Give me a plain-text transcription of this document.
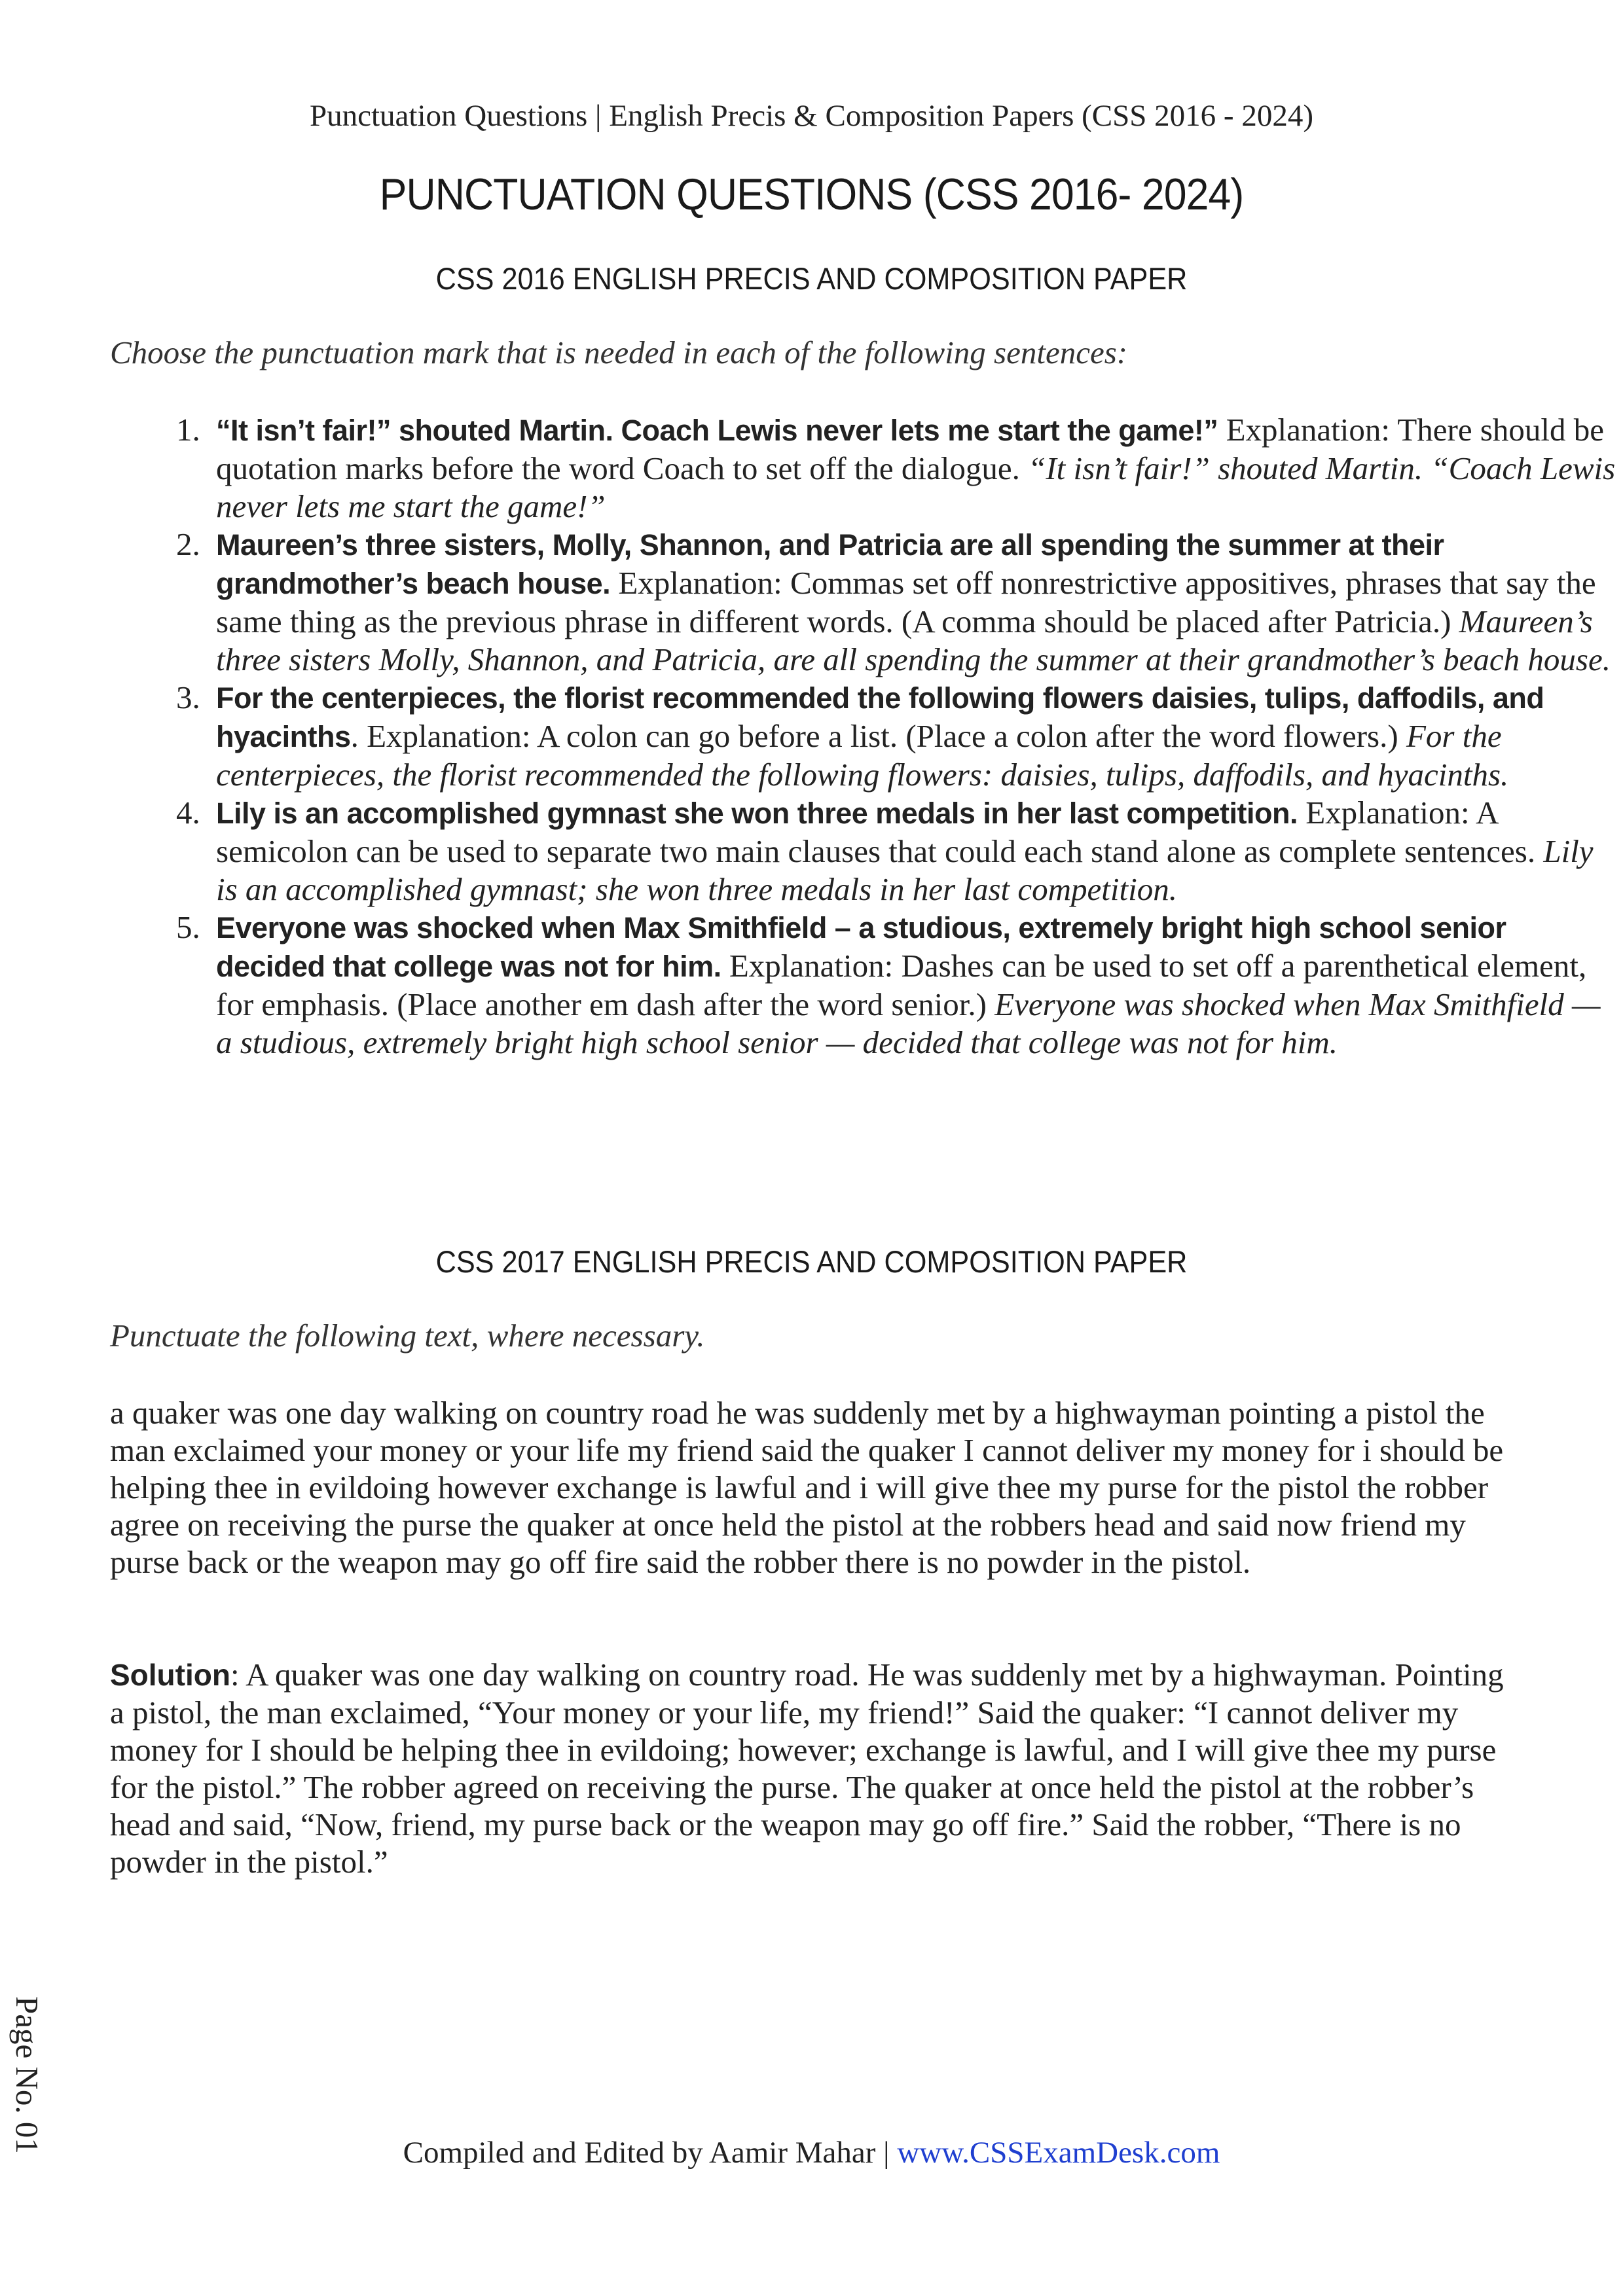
Punctuation Questions | English Precis & Composition Papers (CSS 2016 - 2024)
PUNCTUATION QUESTIONS (CSS 2016- 2024)
CSS 2016 ENGLISH PRECIS AND COMPOSITION PAPER
Choose the punctuation mark that is needed in each of the following sentences:
1. “It isn’t fair!” shouted Martin. Coach Lewis never lets me start the game!” Explanation: There should be quotation marks before the word Coach to set off the dialogue. “It isn’t fair!” shouted Martin. “Coach Lewis never lets me start the game!”
2. Maureen’s three sisters, Molly, Shannon, and Patricia are all spending the summer at their grandmother’s beach house. Explanation: Commas set off nonrestrictive appositives, phrases that say the same thing as the previous phrase in different words. (A comma should be placed after Patricia.) Maureen’s three sisters Molly, Shannon, and Patricia, are all spending the summer at their grandmother’s beach house.
3. For the centerpieces, the florist recommended the following flowers daisies, tulips, daffodils, and hyacinths. Explanation: A colon can go before a list. (Place a colon after the word flowers.) For the centerpieces, the florist recommended the following flowers: daisies, tulips, daffodils, and hyacinths.
4. Lily is an accomplished gymnast she won three medals in her last competition. Explanation: A semicolon can be used to separate two main clauses that could each stand alone as complete sentences. Lily is an accomplished gymnast; she won three medals in her last competition.
5. Everyone was shocked when Max Smithfield – a studious, extremely bright high school senior decided that college was not for him. Explanation: Dashes can be used to set off a parenthetical element, for emphasis. (Place another em dash after the word senior.) Everyone was shocked when Max Smithfield — a studious, extremely bright high school senior — decided that college was not for him.
CSS 2017 ENGLISH PRECIS AND COMPOSITION PAPER
Punctuate the following text, where necessary.

a quaker was one day walking on country road he was suddenly met by a highwayman pointing a pistol the man exclaimed your money or your life my friend said the quaker I cannot deliver my money for i should be helping thee in evildoing however exchange is lawful and i will give thee my purse for the pistol the robber agree on receiving the purse the quaker at once held the pistol at the robbers head and said now friend my purse back or the weapon may go off fire said the robber there is no powder in the pistol.

Solution: A quaker was one day walking on country road. He was suddenly met by a highwayman. Pointing a pistol, the man exclaimed, “Your money or your life, my friend!” Said the quaker: “I cannot deliver my money for I should be helping thee in evildoing; however; exchange is lawful, and I will give thee my purse for the pistol.” The robber agreed on receiving the purse. The quaker at once held the pistol at the robber’s head and said, “Now, friend, my purse back or the weapon may go off fire.” Said the robber, “There is no powder in the pistol.”

Page No. 01	Compiled and Edited by Aamir Mahar | www.CSSExamDesk.com
